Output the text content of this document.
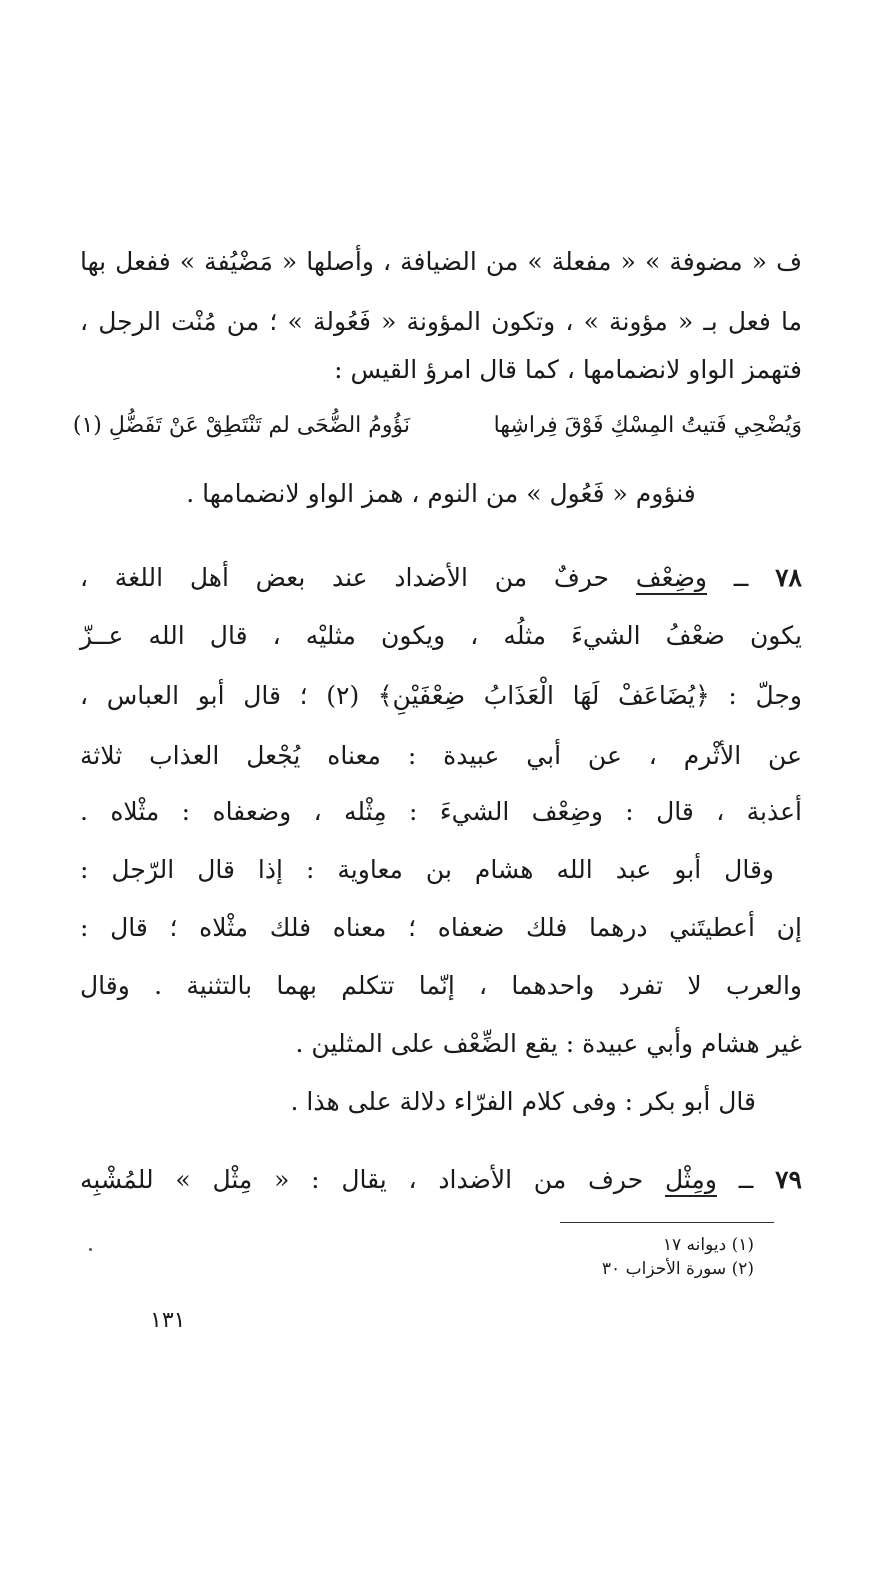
ف « مضوفة » « مفعلة » من الضيافة ، وأصلها « مَضْيُفة » ففعل بها
ما فعل بـ « مؤونة » ، وتكون المؤونة « فَعُولة » ؛ من مُنْت الرجل ،
فتهمز الواو لانضمامها ، كما قال امرؤ القيس :
وَيُضْحِي فَتيتُ المِسْكِ فَوْقَ فِراشِها
نَؤُومُ الضُّحَى لم تَنْتَطِقْ عَنْ تَفَضُّلِ (١)
فنؤوم « فَعُول » من النوم ، همز الواو لانضمامها .
٧٨ ــ وضِعْف حرفٌ من الأضداد عند بعض أهل اللغة ،
يكون ضعْفُ الشيءَ مثلُه ، ويكون مثليْه ، قال الله عــزّ
وجلّ : ﴿يُضَاعَفْ لَهَا الْعَذَابُ ضِعْفَيْنِ﴾ (٢) ؛ قال أبو العباس ،
عن الأثْرم ، عن أبي عبيدة : معناه يُجْعل العذاب ثلاثة
أعذبة ، قال : وضِعْف الشيءَ : مِثْله ، وضعفاه : مثْلاه .
وقال أبو عبد الله هشام بن معاوية : إذا قال الرّجل :
إن أعطيتَني درهما فلك ضعفاه ؛ معناه فلك مثْلاه ؛ قال :
والعرب لا تفرد واحدهما ، إنّما تتكلم بهما بالتثنية . وقال
غير هشام وأبي عبيدة : يقع الضِّعْف على المثلين .
قال أبو بكر : وفى كلام الفرّاء دلالة على هذا .
٧٩ ــ ومِثْل حرف من الأضداد ، يقال : « مِثْل » للمُشْبِه
(١) ديوانه ١٧
(٢) سورة الأحزاب ٣٠
١٣١
